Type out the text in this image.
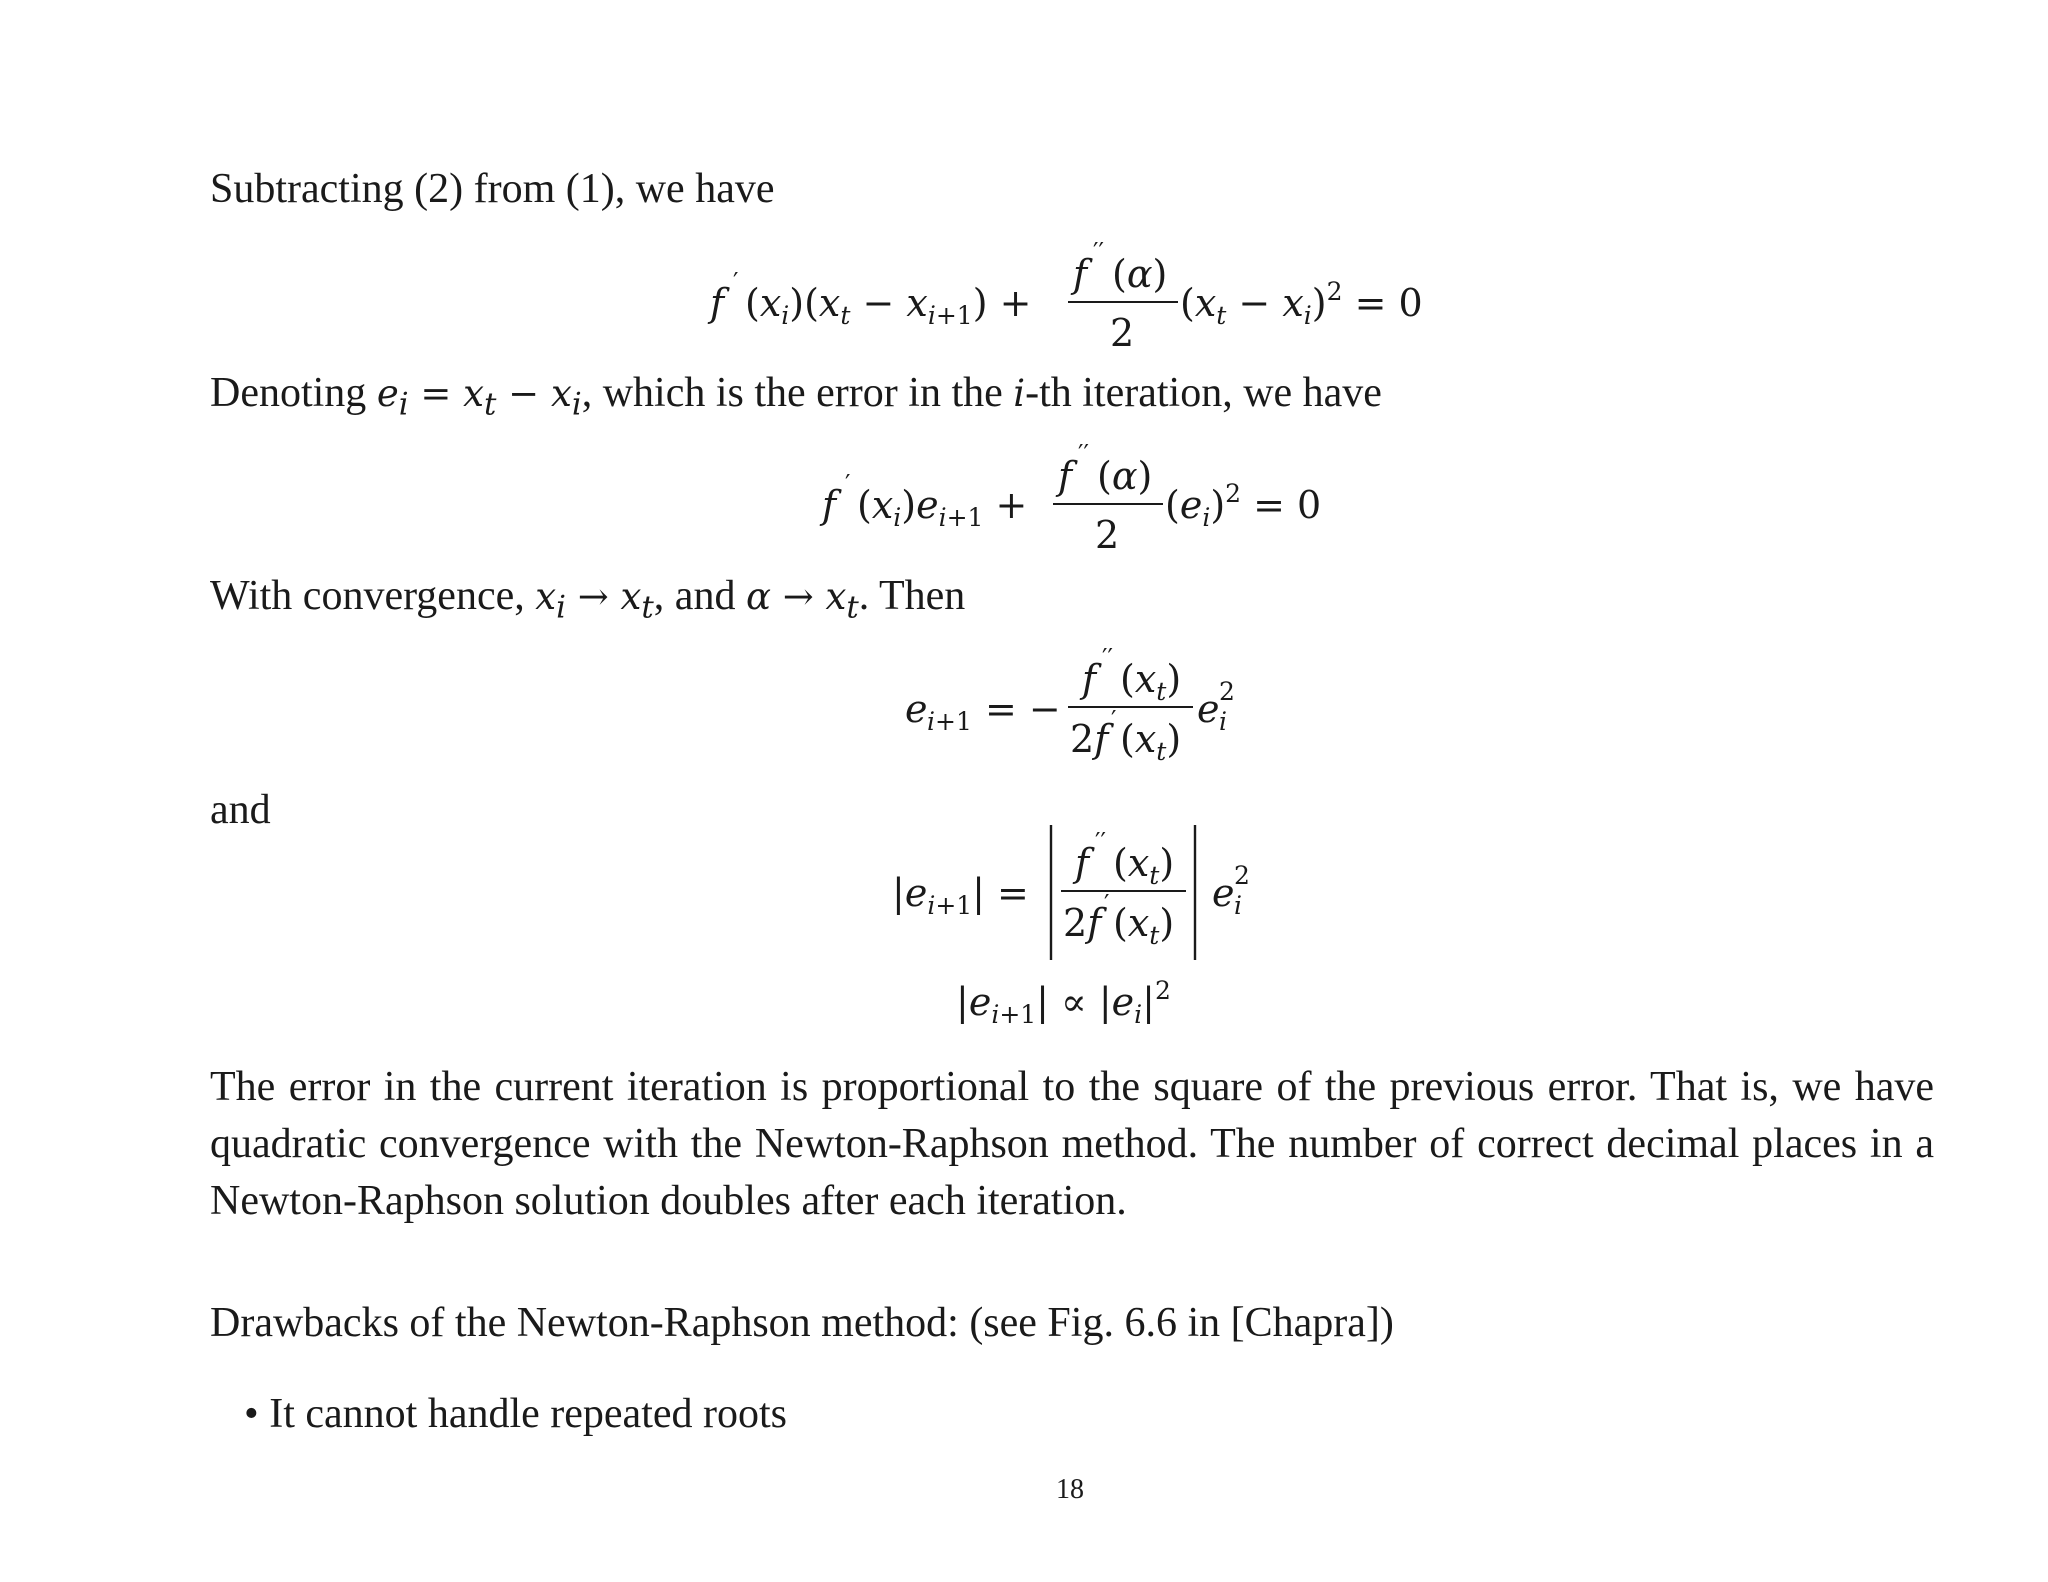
Subtracting (2) from (1), we have
f ′ $(x_i)(x_t - x_{i+1})$ +
f ′′ (α)
2
$(x_t - x_i)^2 = 0$
Denoting $e_i = x_t - x_i$, which is the error in the i-th iteration, we have
f ′ $(x_i)e_{i+1}$ +
f ′′ (α)
2
$(e_i)^2 = 0$
With convergence, $x_i \to x_t$, and $\alpha \to x_t$. Then
e i+1 = −
f ′′ $(x_t)$
2f ′ $(x_t)$
e 2
i
and
$|e_{i+1}|$ =
f ′′ $(x_t)$
2f ′ $(x_t)$
e 2
i
$|e_{i+1}| \propto |e_i|^2$
The error in the current iteration is proportional to the square of the previous error. That is, we have quadratic convergence with the Newton-Raphson method. The number of correct decimal places in a Newton-Raphson solution doubles after each iteration.
Drawbacks of the Newton-Raphson method: (see Fig. 6.6 in [Chapra])
• It cannot handle repeated roots
18
